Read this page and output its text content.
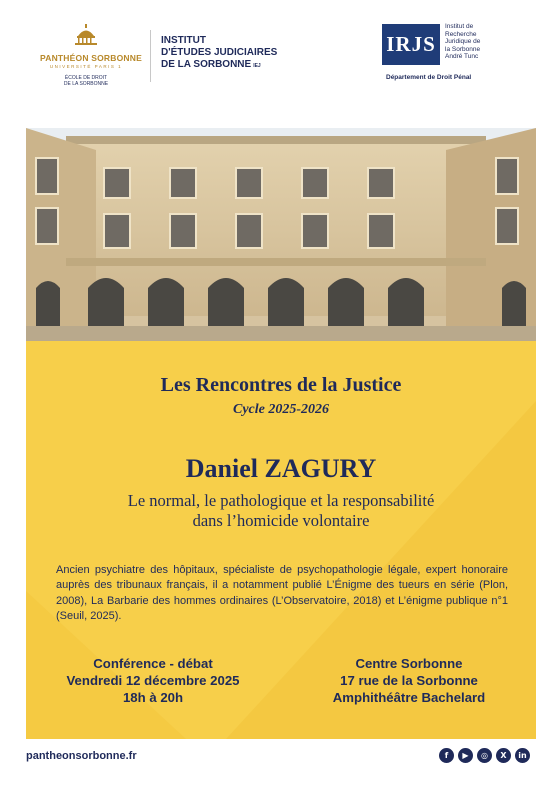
PANTHÉON SORBONNE
UNIVERSITÉ PARIS 1
ÉCOLE DE DROIT
DE LA SORBONNE
INSTITUT
D'ÉTUDES JUDICIAIRES
DE LA SORBONNE IEJ
IRJS
Institut de
Recherche
Juridique de
la Sorbonne
André Tunc
Département de Droit Pénal
Les Rencontres de la Justice
Cycle 2025-2026
Daniel ZAGURY
Le normal, le pathologique et la responsabilité
dans l’homicide volontaire
Ancien psychiatre des hôpitaux, spécialiste de psychopathologie légale, expert honoraire auprès des tribunaux français, il a notamment publié L’Énigme des tueurs en série (Plon, 2008), La Barbarie des hommes ordinaires (L’Observatoire, 2018) et L’énigme publique n°1 (Seuil, 2025).
Conférence - débat
Vendredi 12 décembre 2025
18h à 20h
Centre Sorbonne
17 rue de la Sorbonne
Amphithéâtre Bachelard
pantheonsorbonne.fr	f	▶	◎	X	in
